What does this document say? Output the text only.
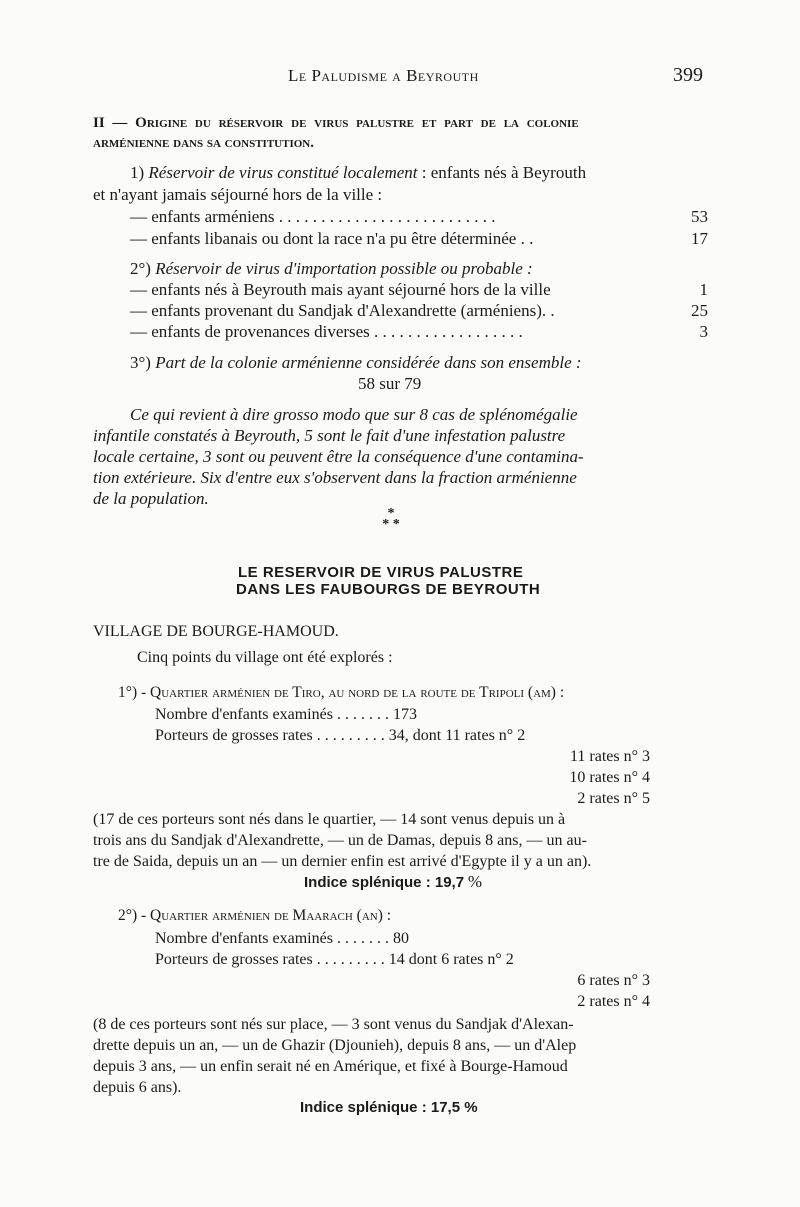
Le Paludisme a Beyrouth	399
II — Origine du réservoir de virus palustre et part de la colonie
arménienne dans sa constitution.
1) Réservoir de virus constitué localement : enfants nés à Beyrouth
et n'ayant jamais séjourné hors de la ville :
— enfants arméniens . . . . . . . . . . . . . . . . . . . . . . . . . .	53
— enfants libanais ou dont la race n'a pu être déterminée . .	17
2°) Réservoir de virus d'importation possible ou probable :
— enfants nés à Beyrouth mais ayant séjourné hors de la ville	1
— enfants provenant du Sandjak d'Alexandrette (arméniens). .	25
— enfants de provenances diverses . . . . . . . . . . . . . . . . . .	3
3°) Part de la colonie arménienne considérée dans son ensemble :
58 sur 79
Ce qui revient à dire grosso modo que sur 8 cas de splénomégalie
infantile constatés à Beyrouth, 5 sont le fait d'une infestation palustre
locale certaine, 3 sont ou peuvent être la conséquence d'une contamina-
tion extérieure. Six d'entre eux s'observent dans la fraction arménienne
de la population.
*
* *
LE RESERVOIR DE VIRUS PALUSTRE
DANS LES FAUBOURGS DE BEYROUTH
VILLAGE DE BOURGE-HAMOUD.
Cinq points du village ont été explorés :
1°) - Quartier arménien de Tiro, au nord de la route de Tripoli (am) :
Nombre d'enfants examinés . . . . . . . 173
Porteurs de grosses rates . . . . . . . . . 34, dont 11 rates n° 2
11 rates n° 3
10 rates n° 4
2 rates n° 5
(17 de ces porteurs sont nés dans le quartier, — 14 sont venus depuis un à
trois ans du Sandjak d'Alexandrette, — un de Damas, depuis 8 ans, — un au-
tre de Saida, depuis un an — un dernier enfin est arrivé d'Egypte il y a un an).
Indice splénique : 19,7 %
2°) - Quartier arménien de Maarach (an) :
Nombre d'enfants examinés . . . . . . . 80
Porteurs de grosses rates . . . . . . . . . 14 dont 6 rates n° 2
6 rates n° 3
2 rates n° 4
(8 de ces porteurs sont nés sur place, — 3 sont venus du Sandjak d'Alexan-
drette depuis un an, — un de Ghazir (Djounieh), depuis 8 ans, — un d'Alep
depuis 3 ans, — un enfin serait né en Amérique, et fixé à Bourge-Hamoud
depuis 6 ans).
Indice splénique : 17,5 %
